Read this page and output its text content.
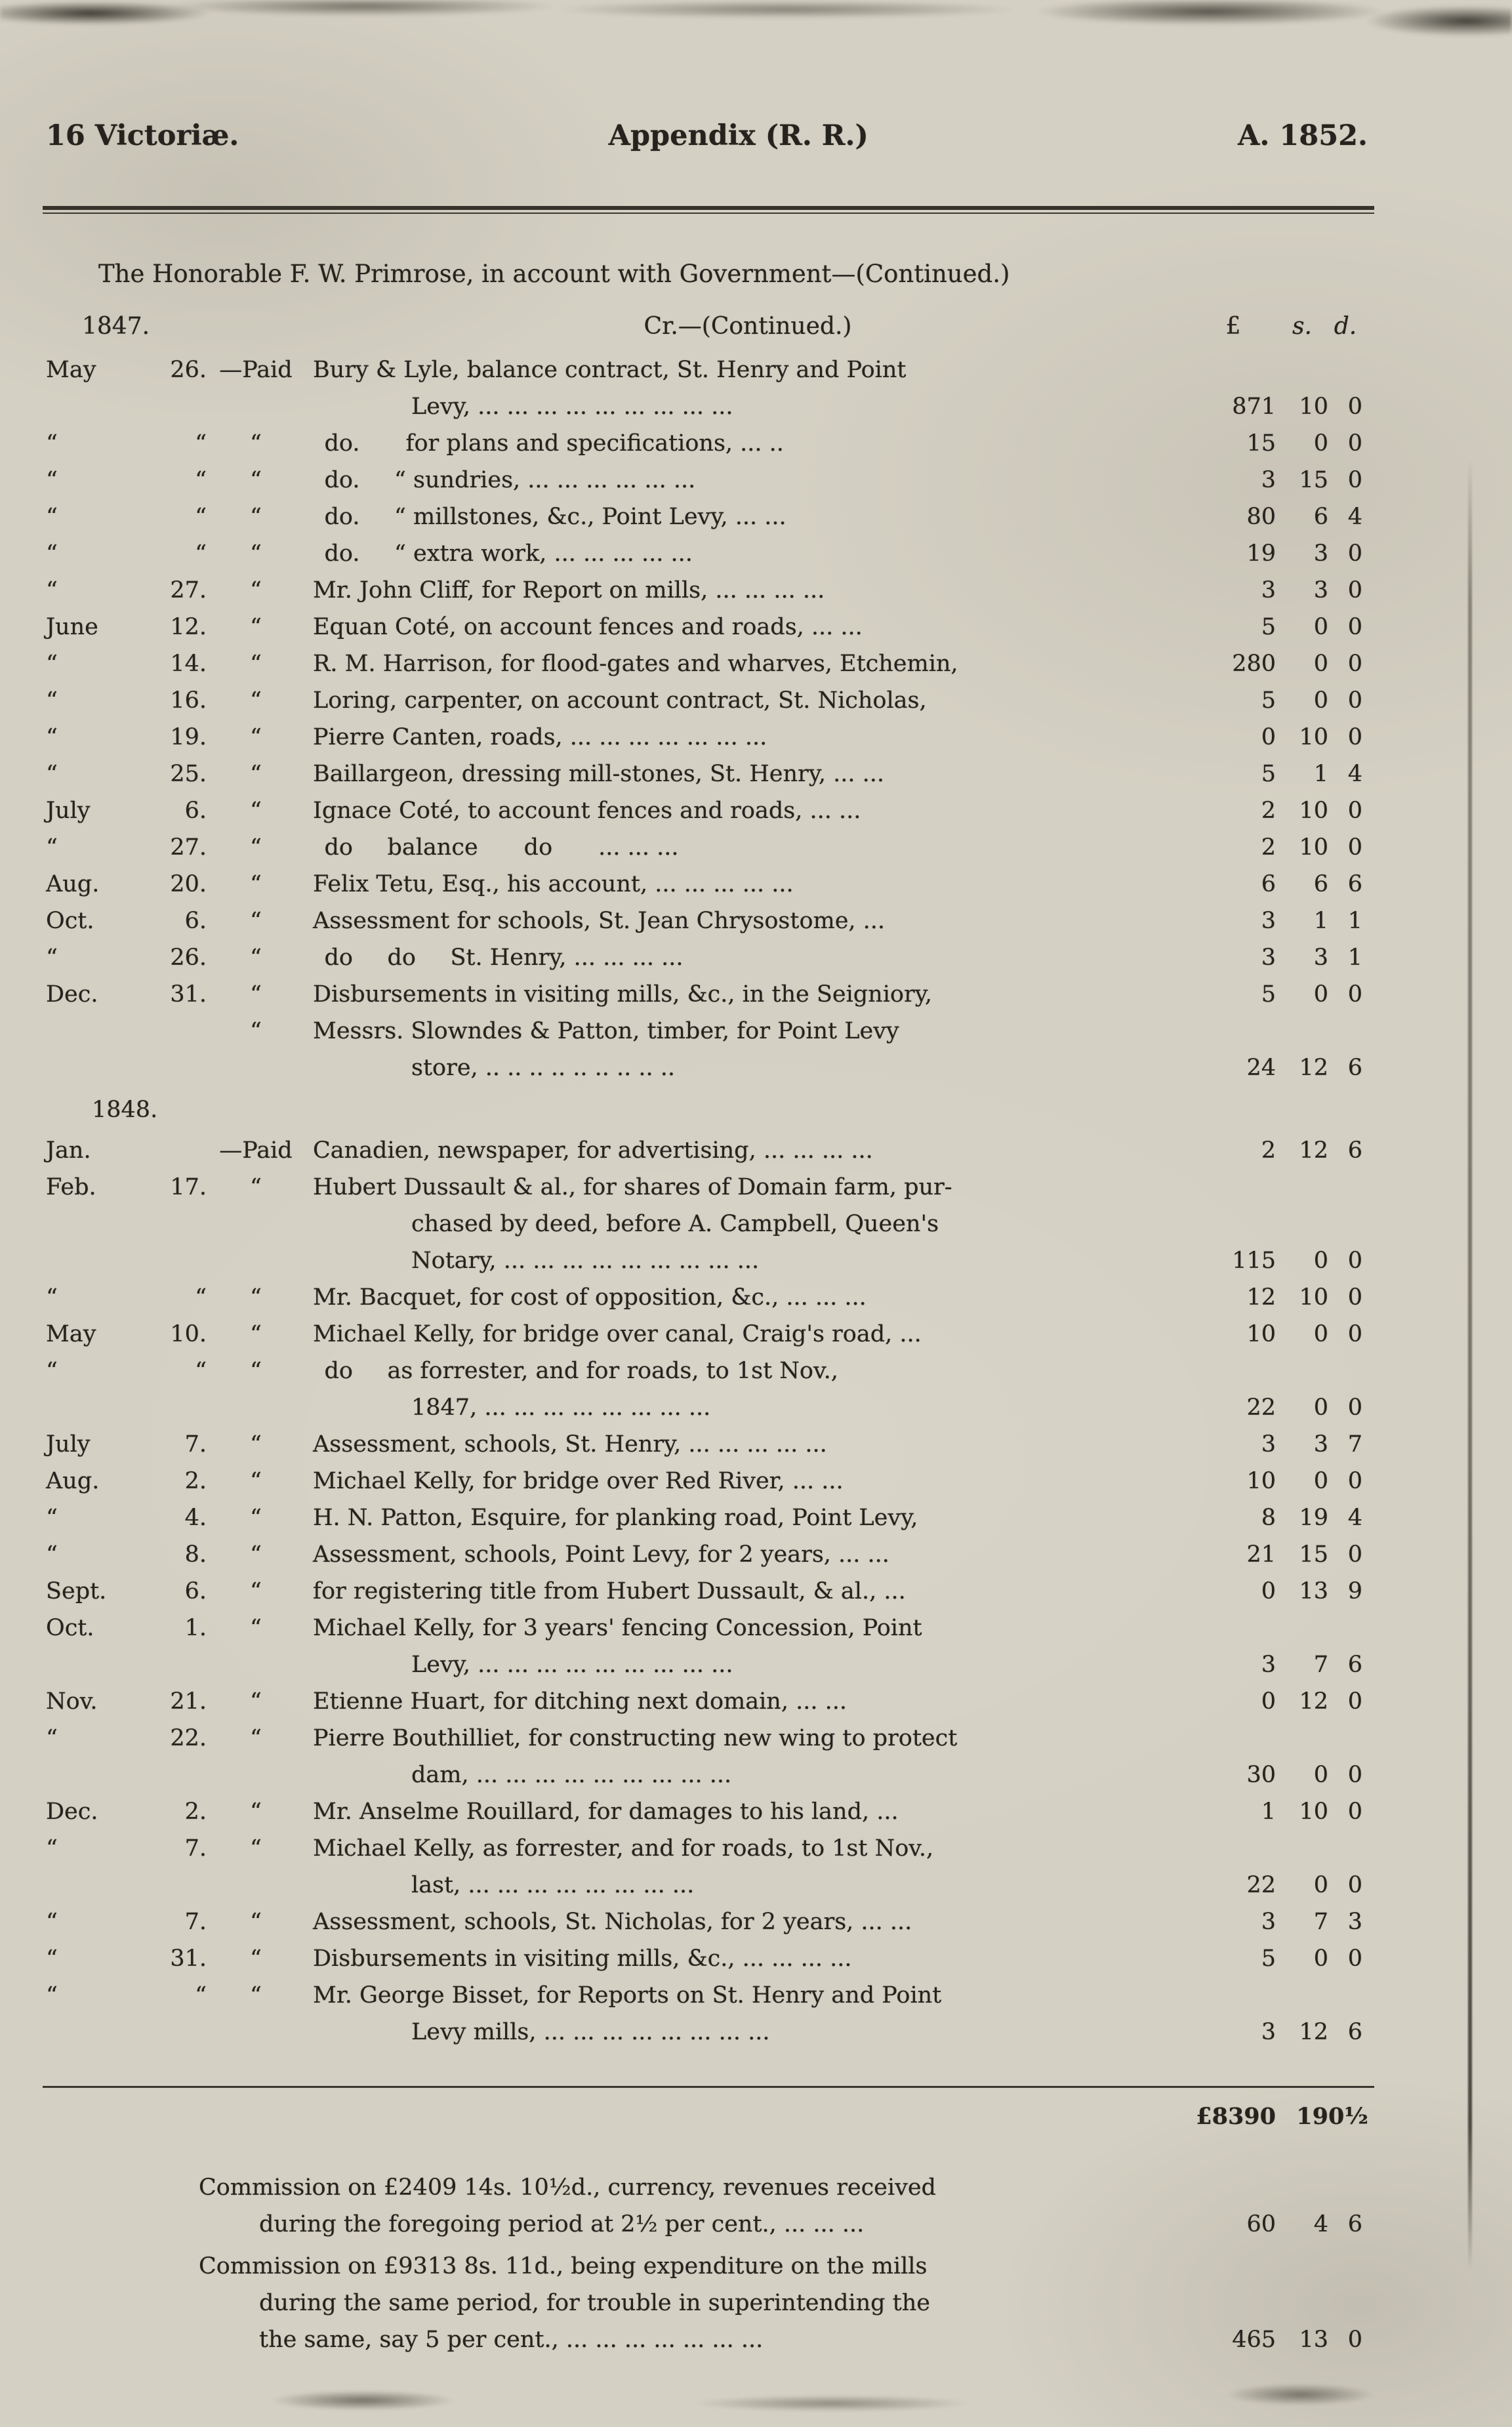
16 Victoriæ.	Appendix (R. R.)	A. 1852.
The Honorable F. W. Primrose, in account with Government—(Continued.)
1847.	Cr.—(Continued.)	£	s. d.
May	26. —Paid Bury & Lyle, balance contract, St. Henry and Point
Levy, ... ... ... ... ... ... ... ... ...	871	10 0
“	“	“	 do.  for plans and specifications, ... ..	15	0 0
“	“	“	 do.  “ sundries, ... ... ... ... ... ...	3	15 0
“	“	“	 do.  “ millstones, &c., Point Levy, ... ...	80	6 4
“	“	“	 do.  “ extra work, ... ... ... ... ...	19	3 0
“	27.	“	Mr. John Cliff, for Report on mills, ... ... ... ...	3	3 0
June	12.	“	Equan Coté, on account fences and roads, ... ...	5	0 0
“	14.	“	R. M. Harrison, for flood-gates and wharves, Etchemin,	280	0 0
“	16.	“	Loring, carpenter, on account contract, St. Nicholas,	5	0 0
“	19.	“	Pierre Canten, roads, ... ... ... ... ... ... ...	0	10 0
“	25.	“	Baillargeon, dressing mill-stones, St. Henry, ... ...	5	1 4
July	6.	“	Ignace Coté, to account fences and roads, ... ...	2	10 0
“	27.	“	 do  balance  do  ... ... ...	2	10 0
Aug.	20.	“	Felix Tetu, Esq., his account, ... ... ... ... ...	6	6 6
Oct.	6.	“	Assessment for schools, St. Jean Chrysostome, ...	3	1 1
“	26.	“	 do  do  St. Henry, ... ... ... ...	3	3 1
Dec.	31.	“	Disbursements in visiting mills, &c., in the Seigniory,	5	0 0
“	Messrs. Slowndes & Patton, timber, for Point Levy
store, .. .. .. .. .. .. .. .. ..	24	12 6
1848.
Jan.	—Paid Canadien, newspaper, for advertising, ... ... ... ...	2	12 6
Feb.	17.	“	Hubert Dussault & al., for shares of Domain farm, pur-
chased by deed, before A. Campbell, Queen's
Notary, ... ... ... ... ... ... ... ... ...	115	0 0
“	“	“	Mr. Bacquet, for cost of opposition, &c., ... ... ...	12	10 0
May	10.	“	Michael Kelly, for bridge over canal, Craig's road, ...	10	0 0
“	“	“	 do  as forrester, and for roads, to 1st Nov.,
1847, ... ... ... ... ... ... ... ...	22	0 0
July	7.	“	Assessment, schools, St. Henry, ... ... ... ... ...	3	3 7
Aug.	2.	“	Michael Kelly, for bridge over Red River, ... ...	10	0 0
“	4.	“	H. N. Patton, Esquire, for planking road, Point Levy,	8	19 4
“	8.	“	Assessment, schools, Point Levy, for 2 years, ... ...	21	15 0
Sept.	6.	“	for registering title from Hubert Dussault, & al., ...	0	13 9
Oct.	1.	“	Michael Kelly, for 3 years' fencing Concession, Point
Levy, ... ... ... ... ... ... ... ... ...	3	7 6
Nov.	21.	“	Etienne Huart, for ditching next domain, ... ...	0	12 0
“	22.	“	Pierre Bouthilliet, for constructing new wing to protect
dam, ... ... ... ... ... ... ... ... ...	30	0 0
Dec.	2.	“	Mr. Anselme Rouillard, for damages to his land, ...	1	10 0
“	7.	“	Michael Kelly, as forrester, and for roads, to 1st Nov.,
last, ... ... ... ... ... ... ... ...	22	0 0
“	7.	“	Assessment, schools, St. Nicholas, for 2 years, ... ...	3	7 3
“	31.	“	Disbursements in visiting mills, &c., ... ... ... ...	5	0 0
“	“	“	Mr. George Bisset, for Reports on St. Henry and Point
Levy mills, ... ... ... ... ... ... ... ...	3	12 6
£8390 19 0½
Commission on £2409 14s. 10½d., currency, revenues received
during the foregoing period at 2½ per cent., ... ... ...	60	4 6
Commission on £9313 8s. 11d., being expenditure on the mills
during the same period, for trouble in superintending the
the same, say 5 per cent., ... ... ... ... ... ... ...	465	13 0
